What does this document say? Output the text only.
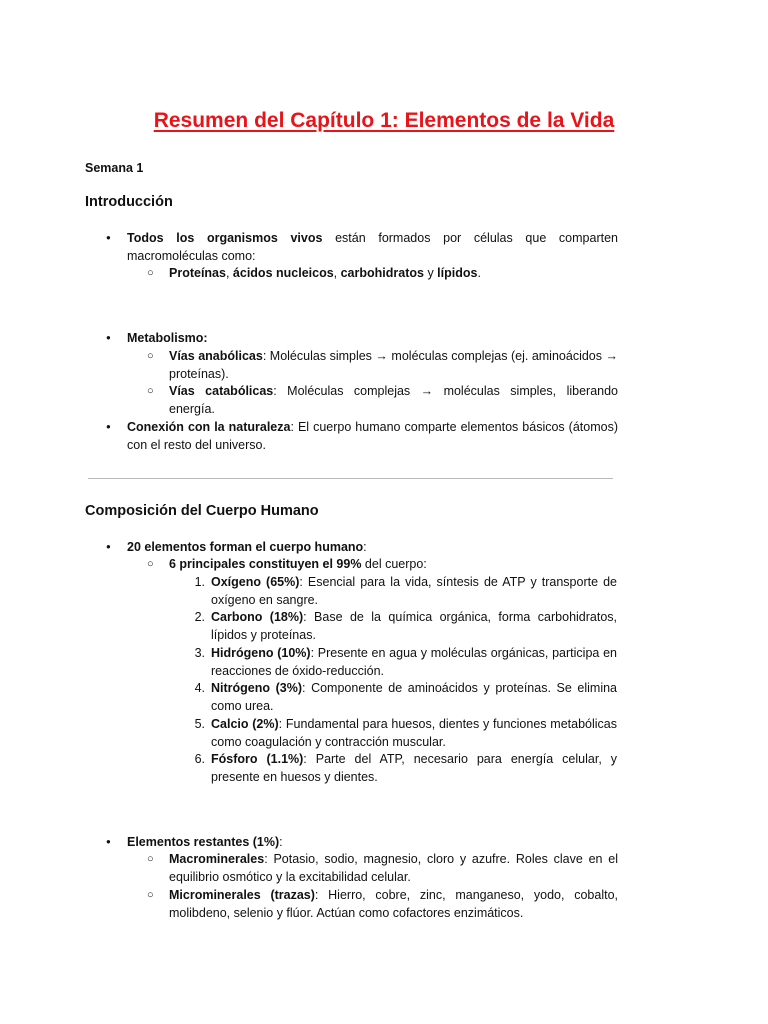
Resumen del Capítulo 1: Elementos de la Vida

Semana 1

Introducción

● Todos los organismos vivos están formados por células que comparten macromoléculas como:

○ Proteínas, ácidos nucleicos, carbohidratos y lípidos.

● Metabolismo:

○ Vías anabólicas: Moléculas simples → moléculas complejas (ej. aminoácidos → proteínas).

○ Vías catabólicas: Moléculas complejas → moléculas simples, liberando energía.

● Conexión con la naturaleza: El cuerpo humano comparte elementos básicos (átomos) con el resto del universo.

Composición del Cuerpo Humano

● 20 elementos forman el cuerpo humano:

○ 6 principales constituyen el 99% del cuerpo:

1. Oxígeno (65%): Esencial para la vida, síntesis de ATP y transporte de oxígeno en sangre.

2. Carbono (18%): Base de la química orgánica, forma carbohidratos, lípidos y proteínas.

3. Hidrógeno (10%): Presente en agua y moléculas orgánicas, participa en reacciones de óxido-reducción.

4. Nitrógeno (3%): Componente de aminoácidos y proteínas. Se elimina como urea.

5. Calcio (2%): Fundamental para huesos, dientes y funciones metabólicas como coagulación y contracción muscular.

6. Fósforo (1.1%): Parte del ATP, necesario para energía celular, y presente en huesos y dientes.

● Elementos restantes (1%):

○ Macrominerales: Potasio, sodio, magnesio, cloro y azufre. Roles clave en el equilibrio osmótico y la excitabilidad celular.

○ Microminerales (trazas): Hierro, cobre, zinc, manganeso, yodo, cobalto, molibdeno, selenio y flúor. Actúan como cofactores enzimáticos.
